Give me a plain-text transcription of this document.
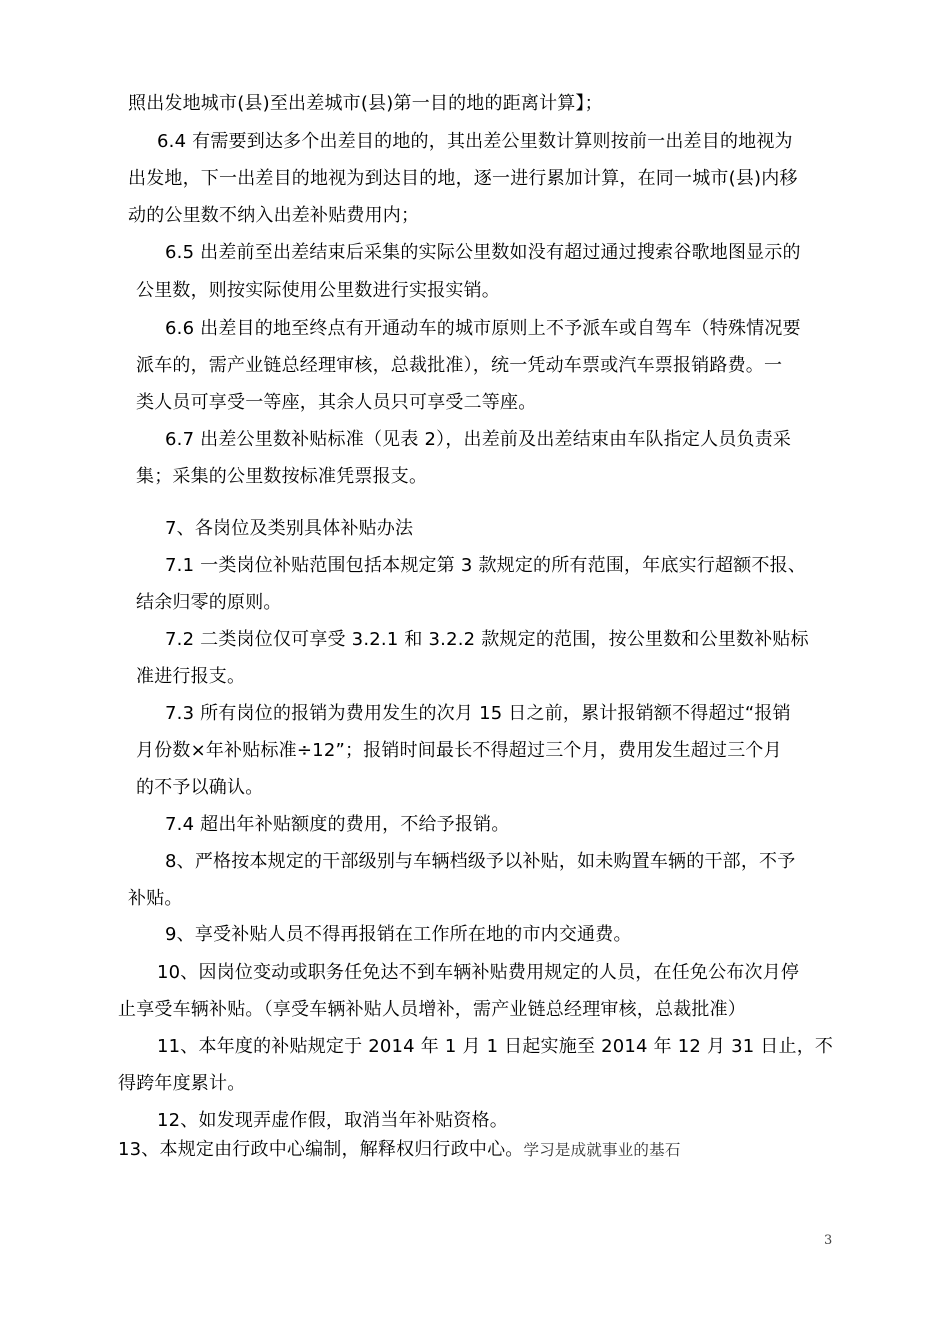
照出发地城市(县)至出差城市(县)第一目的地的距离计算】；
6.4 有需要到达多个出差目的地的，其出差公里数计算则按前一出差目的地视为
出发地，下一出差目的地视为到达目的地，逐一进行累加计算，在同一城市(县)内移
动的公里数不纳入出差补贴费用内；
6.5 出差前至出差结束后采集的实际公里数如没有超过通过搜索谷歌地图显示的
公里数，则按实际使用公里数进行实报实销。
6.6 出差目的地至终点有开通动车的城市原则上不予派车或自驾车（特殊情况要
派车的，需产业链总经理审核，总裁批准），统一凭动车票或汽车票报销路费。一
类人员可享受一等座，其余人员只可享受二等座。
6.7 出差公里数补贴标准（见表 2），出差前及出差结束由车队指定人员负责采
集；采集的公里数按标准凭票报支。
7、各岗位及类别具体补贴办法
7.1 一类岗位补贴范围包括本规定第 3 款规定的所有范围，年底实行超额不报、
结余归零的原则。
7.2 二类岗位仅可享受 3.2.1 和 3.2.2 款规定的范围，按公里数和公里数补贴标
准进行报支。
7.3 所有岗位的报销为费用发生的次月 15 日之前，累计报销额不得超过“报销
月份数×年补贴标准÷12”；报销时间最长不得超过三个月，费用发生超过三个月
的不予以确认。
7.4 超出年补贴额度的费用，不给予报销。
8、严格按本规定的干部级别与车辆档级予以补贴，如未购置车辆的干部，不予
补贴。
9、享受补贴人员不得再报销在工作所在地的市内交通费。
10、因岗位变动或职务任免达不到车辆补贴费用规定的人员，在任免公布次月停
止享受车辆补贴。（享受车辆补贴人员增补，需产业链总经理审核，总裁批准）
11、本年度的补贴规定于 2014 年 1 月 1 日起实施至 2014 年 12 月 31 日止，不
得跨年度累计。
12、如发现弄虚作假，取消当年补贴资格。
13、本规定由行政中心编制，解释权归行政中心。学习是成就事业的基石
3
